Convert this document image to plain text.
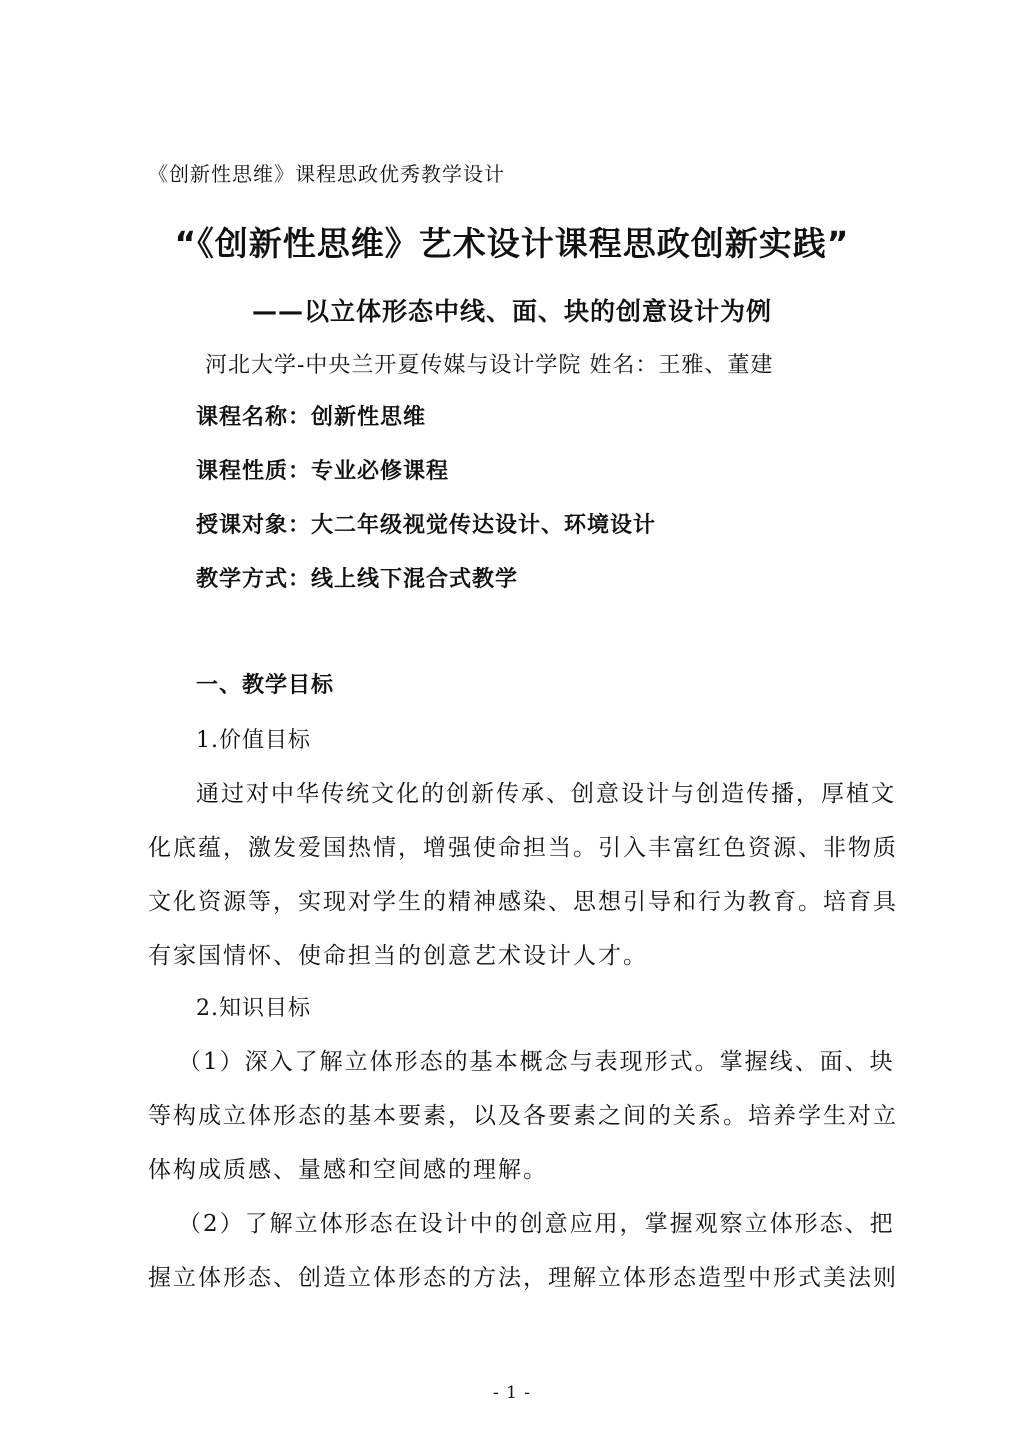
《创新性思维》课程思政优秀教学设计
“《创新性思维》艺术设计课程思政创新实践”
——以立体形态中线、面、块的创意设计为例
河北大学-中央兰开夏传媒与设计学院 姓名：王雅、董建
课程名称：创新性思维
课程性质：专业必修课程
授课对象：大二年级视觉传达设计、环境设计
教学方式：线上线下混合式教学
一、教学目标
1.价值目标
通过对中华传统文化的创新传承、创意设计与创造传播，厚植文
化底蕴，激发爱国热情，增强使命担当。引入丰富红色资源、非物质
文化资源等，实现对学生的精神感染、思想引导和行为教育。培育具
有家国情怀、使命担当的创意艺术设计人才。
2.知识目标
（1）深入了解立体形态的基本概念与表现形式。掌握线、面、块
等构成立体形态的基本要素，以及各要素之间的关系。培养学生对立
体构成质感、量感和空间感的理解。
（2）了解立体形态在设计中的创意应用，掌握观察立体形态、把
握立体形态、创造立体形态的方法，理解立体形态造型中形式美法则
- 1 -
